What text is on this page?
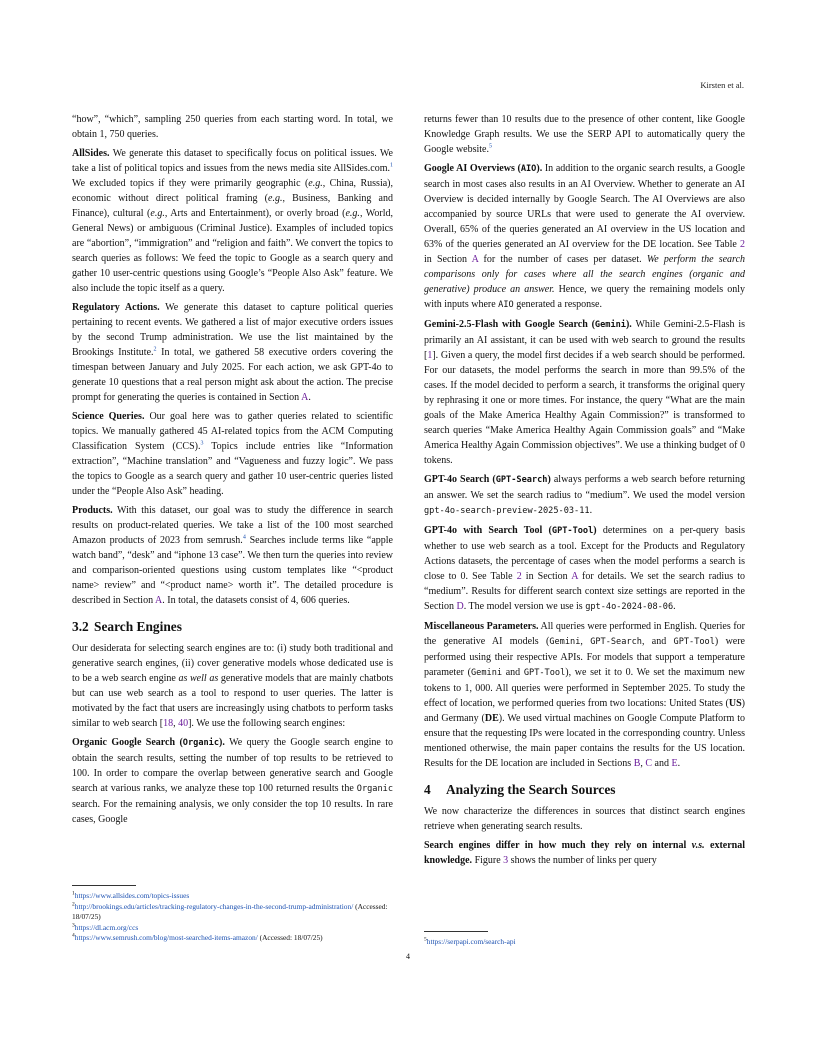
Kirsten et al.

“how”, “which”, sampling 250 queries from each starting word. In total, we obtain 1, 750 queries.

AllSides. We generate this dataset to specifically focus on political issues. We take a list of political topics and issues from the news media site AllSides.com.$^1$ We excluded topics if they were primarily geographic (e.g., China, Russia), economic without direct political framing (e.g., Business, Banking and Finance), cultural (e.g., Arts and Entertainment), or overly broad (e.g., World, General News) or ambiguous (Criminal Justice). Examples of included topics are “abortion”, “immigration” and “religion and faith”. We convert the topics to search queries as follows: We feed the topic to Google as a search query and gather 10 user-centric questions using Google’s “People Also Ask” feature. We also include the topic itself as a query.

Regulatory Actions. We generate this dataset to capture political queries pertaining to recent events. We gathered a list of major executive orders issues by the second Trump administration. We use the list maintained by the Brookings Institute.$^2$ In total, we gathered 58 executive orders covering the timespan between January and July 2025. For each action, we ask GPT-4o to generate 10 questions that a real person might ask about the action. The precise prompt for generating the queries is contained in Section A.

Science Queries. Our goal here was to gather queries related to scientific topics. We manually gathered 45 AI-related topics from the ACM Computing Classification System (CCS).$^3$ Topics include entries like “Information extraction”, “Machine translation” and “Vagueness and fuzzy logic”. We pass the topics to Google as a search query and gather 10 user-centric queries listed under the “People Also Ask” heading.

Products. With this dataset, our goal was to study the difference in search results on product-related queries. We take a list of the 100 most searched Amazon products of 2023 from semrush.$^4$ Searches include terms like “apple watch band”, “desk” and “iphone 13 case”. We then turn the queries into review and comparison-oriented questions using custom templates like “<product name> review” and “<product name> worth it”. The detailed procedure is described in Section A. In total, the datasets consist of 4, 606 queries.

3.2 Search Engines

Our desiderata for selecting search engines are to: (i) study both traditional and generative search engines, (ii) cover generative models whose dedicated use is to be a web search engine as well as generative models that are mainly chatbots but can use web search as a tool to respond to user queries. The latter is motivated by the fact that users are increasingly using chatbots to perform tasks similar to web search [18, 40]. We use the following search engines:

Organic Google Search (Organic). We query the Google search engine to obtain the search results, setting the number of top results to be retrieved to 100. In order to compare the overlap between generative search and Google search at various ranks, we analyze these top 100 returned results the Organic search. For the remaining analysis, we only consider the top 10 results. In rare cases, Google

returns fewer than 10 results due to the presence of other content, like Google Knowledge Graph results. We use the SERP API to automatically query the Google website.$^5$

Google AI Overviews (AIO). In addition to the organic search results, a Google search in most cases also results in an AI Overview. Whether to generate an AI Overview is decided internally by Google Search. The AI Overviews are also accompanied by source URLs that were used to generate the AI overview. Overall, 65% of the queries generated an AI overview in the US location and 63% of the queries generated an AI overview for the DE location. See Table 2 in Section A for the number of cases per dataset. We perform the search comparisons only for cases where all the search engines (organic and generative) produce an answer. Hence, we query the remaining models only with inputs where AIO generated a response.

Gemini-2.5-Flash with Google Search (Gemini). While Gemini-2.5-Flash is primarily an AI assistant, it can be used with web search to ground the results [1]. Given a query, the model first decides if a web search should be performed. For our datasets, the model performs the search in more than 99.5% of the cases. If the model decided to perform a search, it transforms the original query by rephrasing it one or more times. For instance, the query “What are the main goals of the Make America Healthy Again Commission?” is transformed to search queries “Make America Healthy Again Commission goals” and “Make America Healthy Again Commission objectives”. We use a thinking budget of 0 tokens.

GPT-4o Search (GPT-Search) always performs a web search before returning an answer. We set the search radius to “medium”. We used the model version gpt-4o-search-preview-2025-03-11.

GPT-4o with Search Tool (GPT-Tool) determines on a per-query basis whether to use web search as a tool. Except for the Products and Regulatory Actions datasets, the percentage of cases when the model performs a search is close to 0. See Table 2 in Section A for details. We set the search radius to “medium”. Results for different search context size settings are reported in the Section D. The model version we use is gpt-4o-2024-08-06.

Miscellaneous Parameters. All queries were performed in English. Queries for the generative AI models (Gemini, GPT-Search, and GPT-Tool) were performed using their respective APIs. For models that support a temperature parameter (Gemini and GPT-Tool), we set it to 0. We set the maximum new tokens to 1, 000. All queries were performed in September 2025. To study the effect of location, we performed queries from two locations: United States (US) and Germany (DE). We used virtual machines on Google Compute Platform to ensure that the requesting IPs were located in the corresponding country. Unless mentioned otherwise, the main paper contains the results for the US location. Results for the DE location are included in Sections B, C and E.

4 Analyzing the Search Sources

We now characterize the differences in sources that distinct search engines retrieve when generating search results.

Search engines differ in how much they rely on internal v.s. external knowledge. Figure 3 shows the number of links per query

$^1$https://www.allsides.com/topics-issues
$^2$http://brookings.edu/articles/tracking-regulatory-changes-in-the-second-trump-administration/ (Accessed: 18/07/25)
$^3$https://dl.acm.org/ccs
$^4$https://www.semrush.com/blog/most-searched-items-amazon/ (Accessed: 18/07/25)	$^5$https://serpapi.com/search-api
4
